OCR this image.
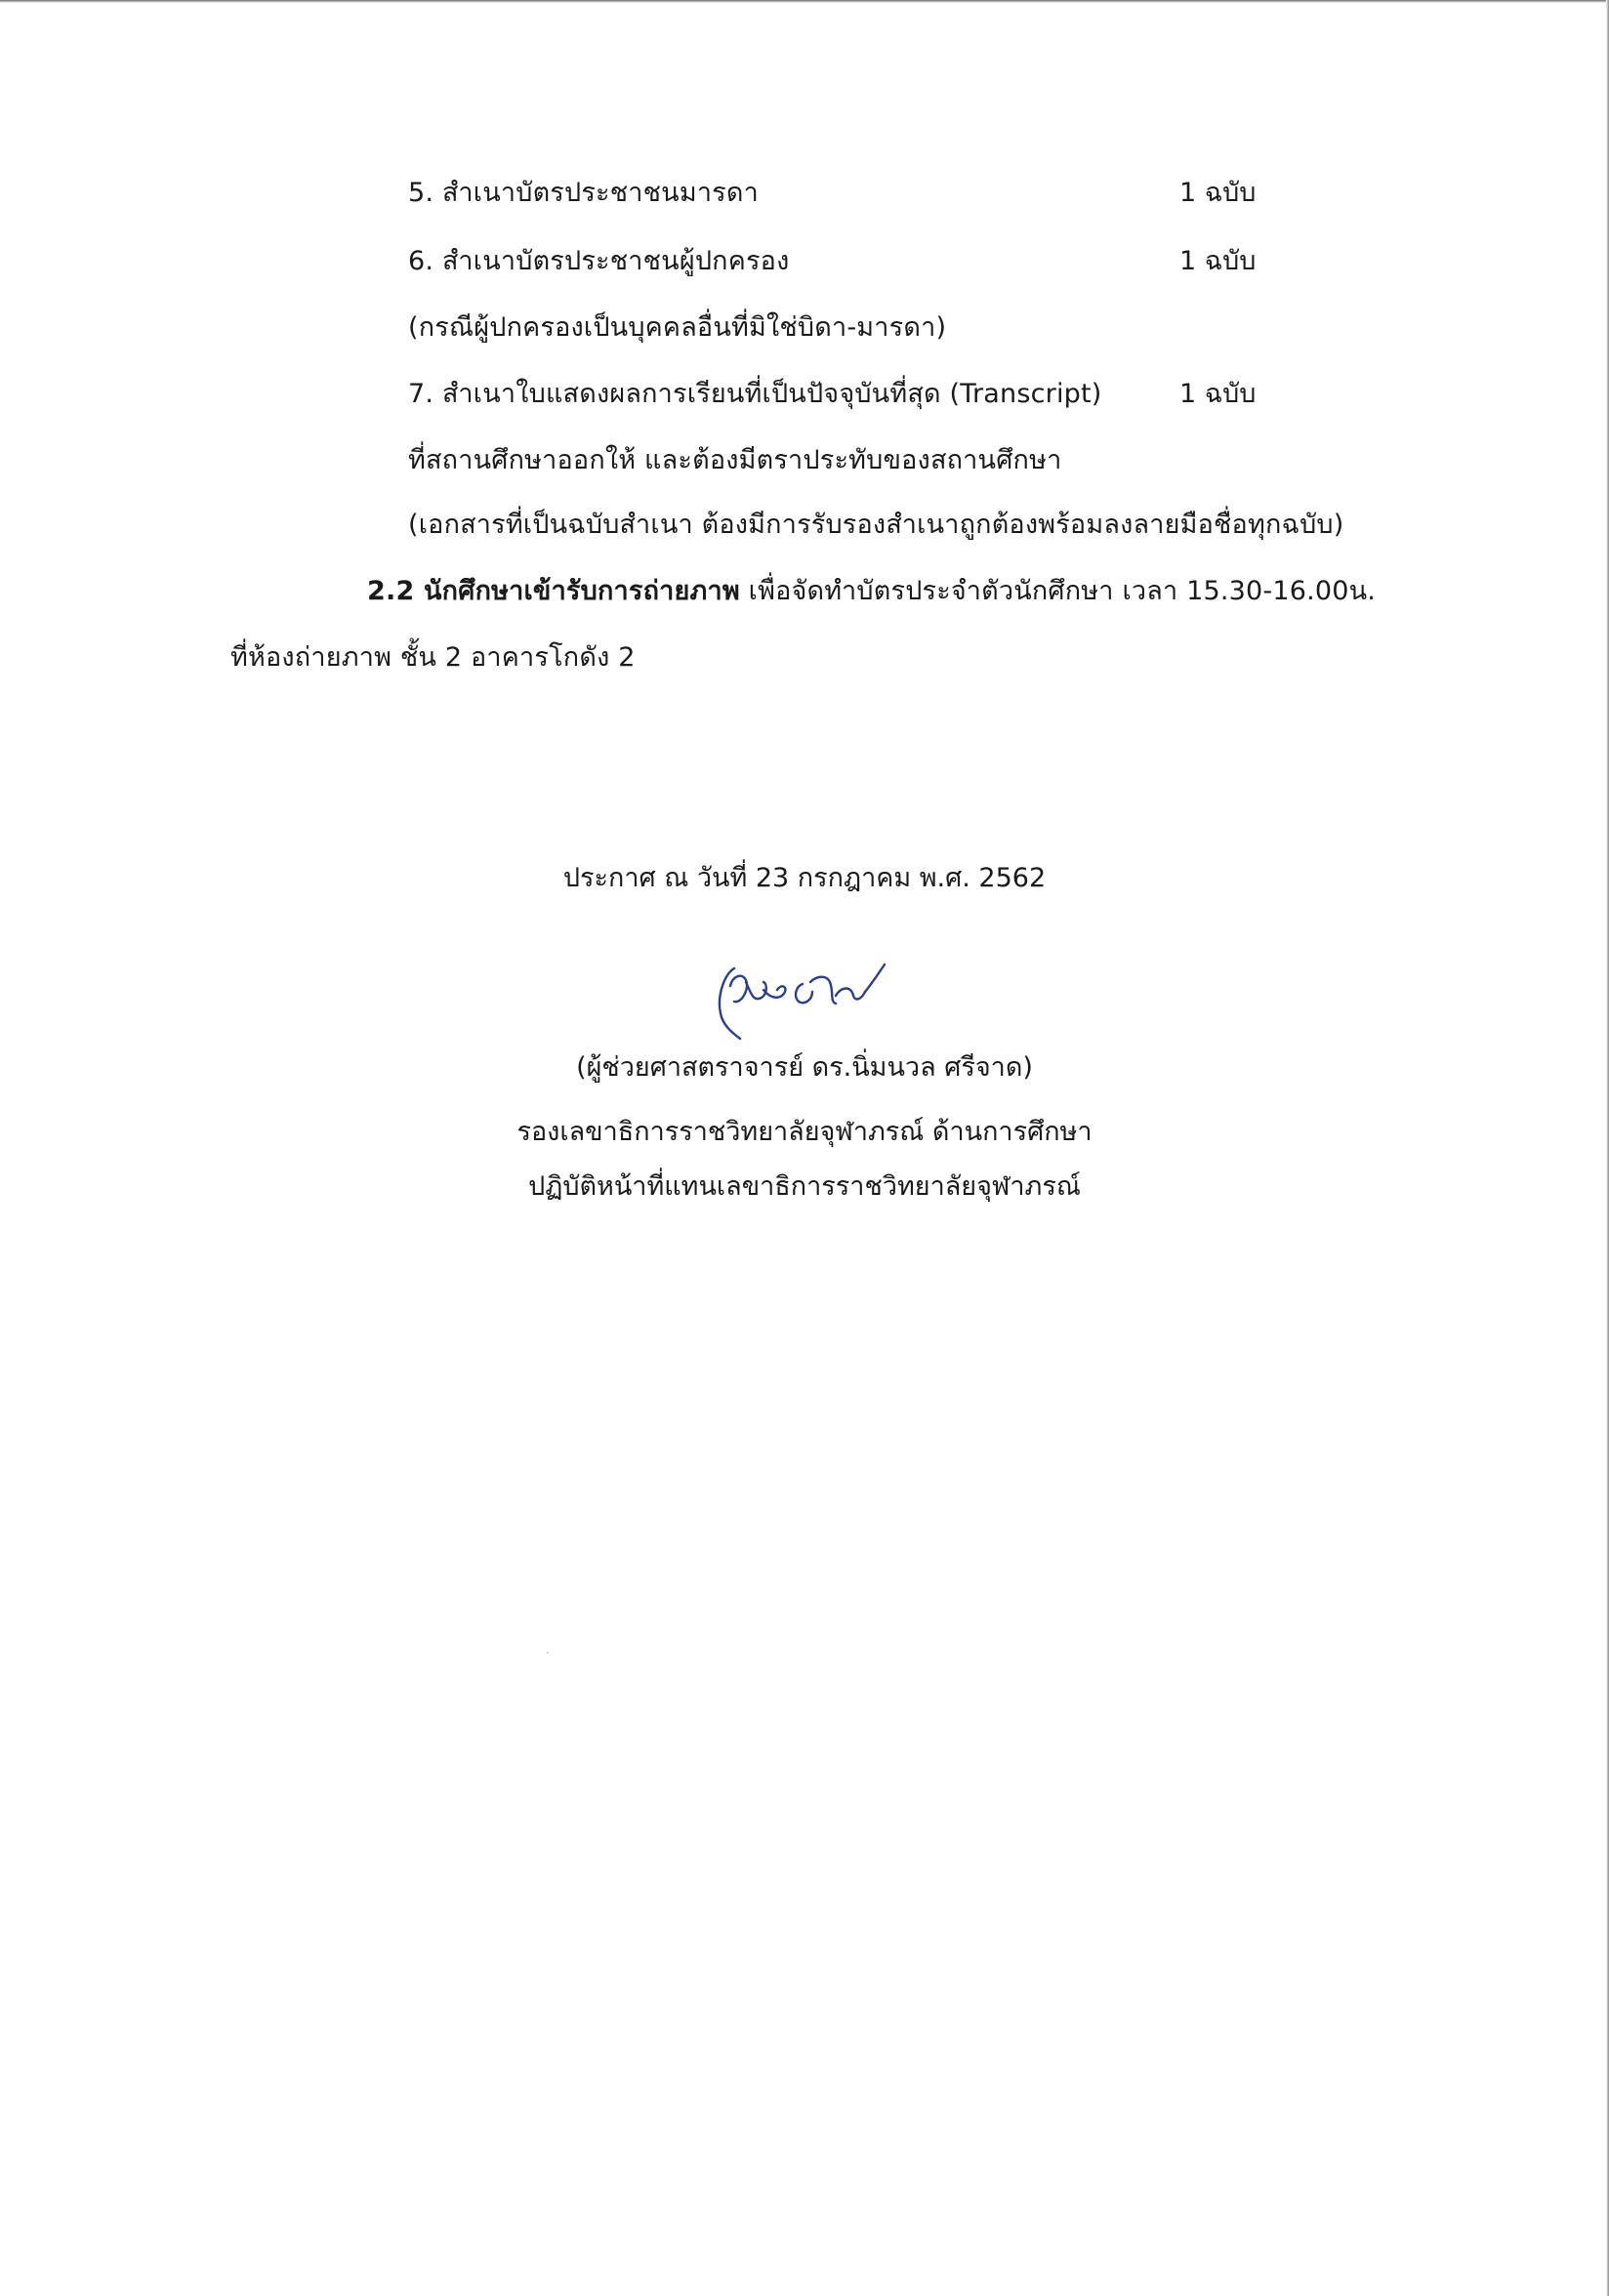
5. สำเนาบัตรประชาชนมารดา	1 ฉบับ
6. สำเนาบัตรประชาชนผู้ปกครอง	1 ฉบับ
(กรณีผู้ปกครองเป็นบุคคลอื่นที่มิใช่บิดา-มารดา)
7. สำเนาใบแสดงผลการเรียนที่เป็นปัจจุบันที่สุด (Transcript)	1 ฉบับ
ที่สถานศึกษาออกให้ และต้องมีตราประทับของสถานศึกษา
(เอกสารที่เป็นฉบับสำเนา ต้องมีการรับรองสำเนาถูกต้องพร้อมลงลายมือชื่อทุกฉบับ)
2.2 นักศึกษาเข้ารับการถ่ายภาพ เพื่อจัดทำบัตรประจำตัวนักศึกษา เวลา 15.30-16.00น.
ที่ห้องถ่ายภาพ ชั้น 2 อาคารโกดัง 2
ประกาศ ณ วันที่ 23 กรกฎาคม พ.ศ. 2562
(ผู้ช่วยศาสตราจารย์ ดร.นิ่มนวล ศรีจาด)
รองเลขาธิการราชวิทยาลัยจุฬาภรณ์ ด้านการศึกษา
ปฏิบัติหน้าที่แทนเลขาธิการราชวิทยาลัยจุฬาภรณ์
